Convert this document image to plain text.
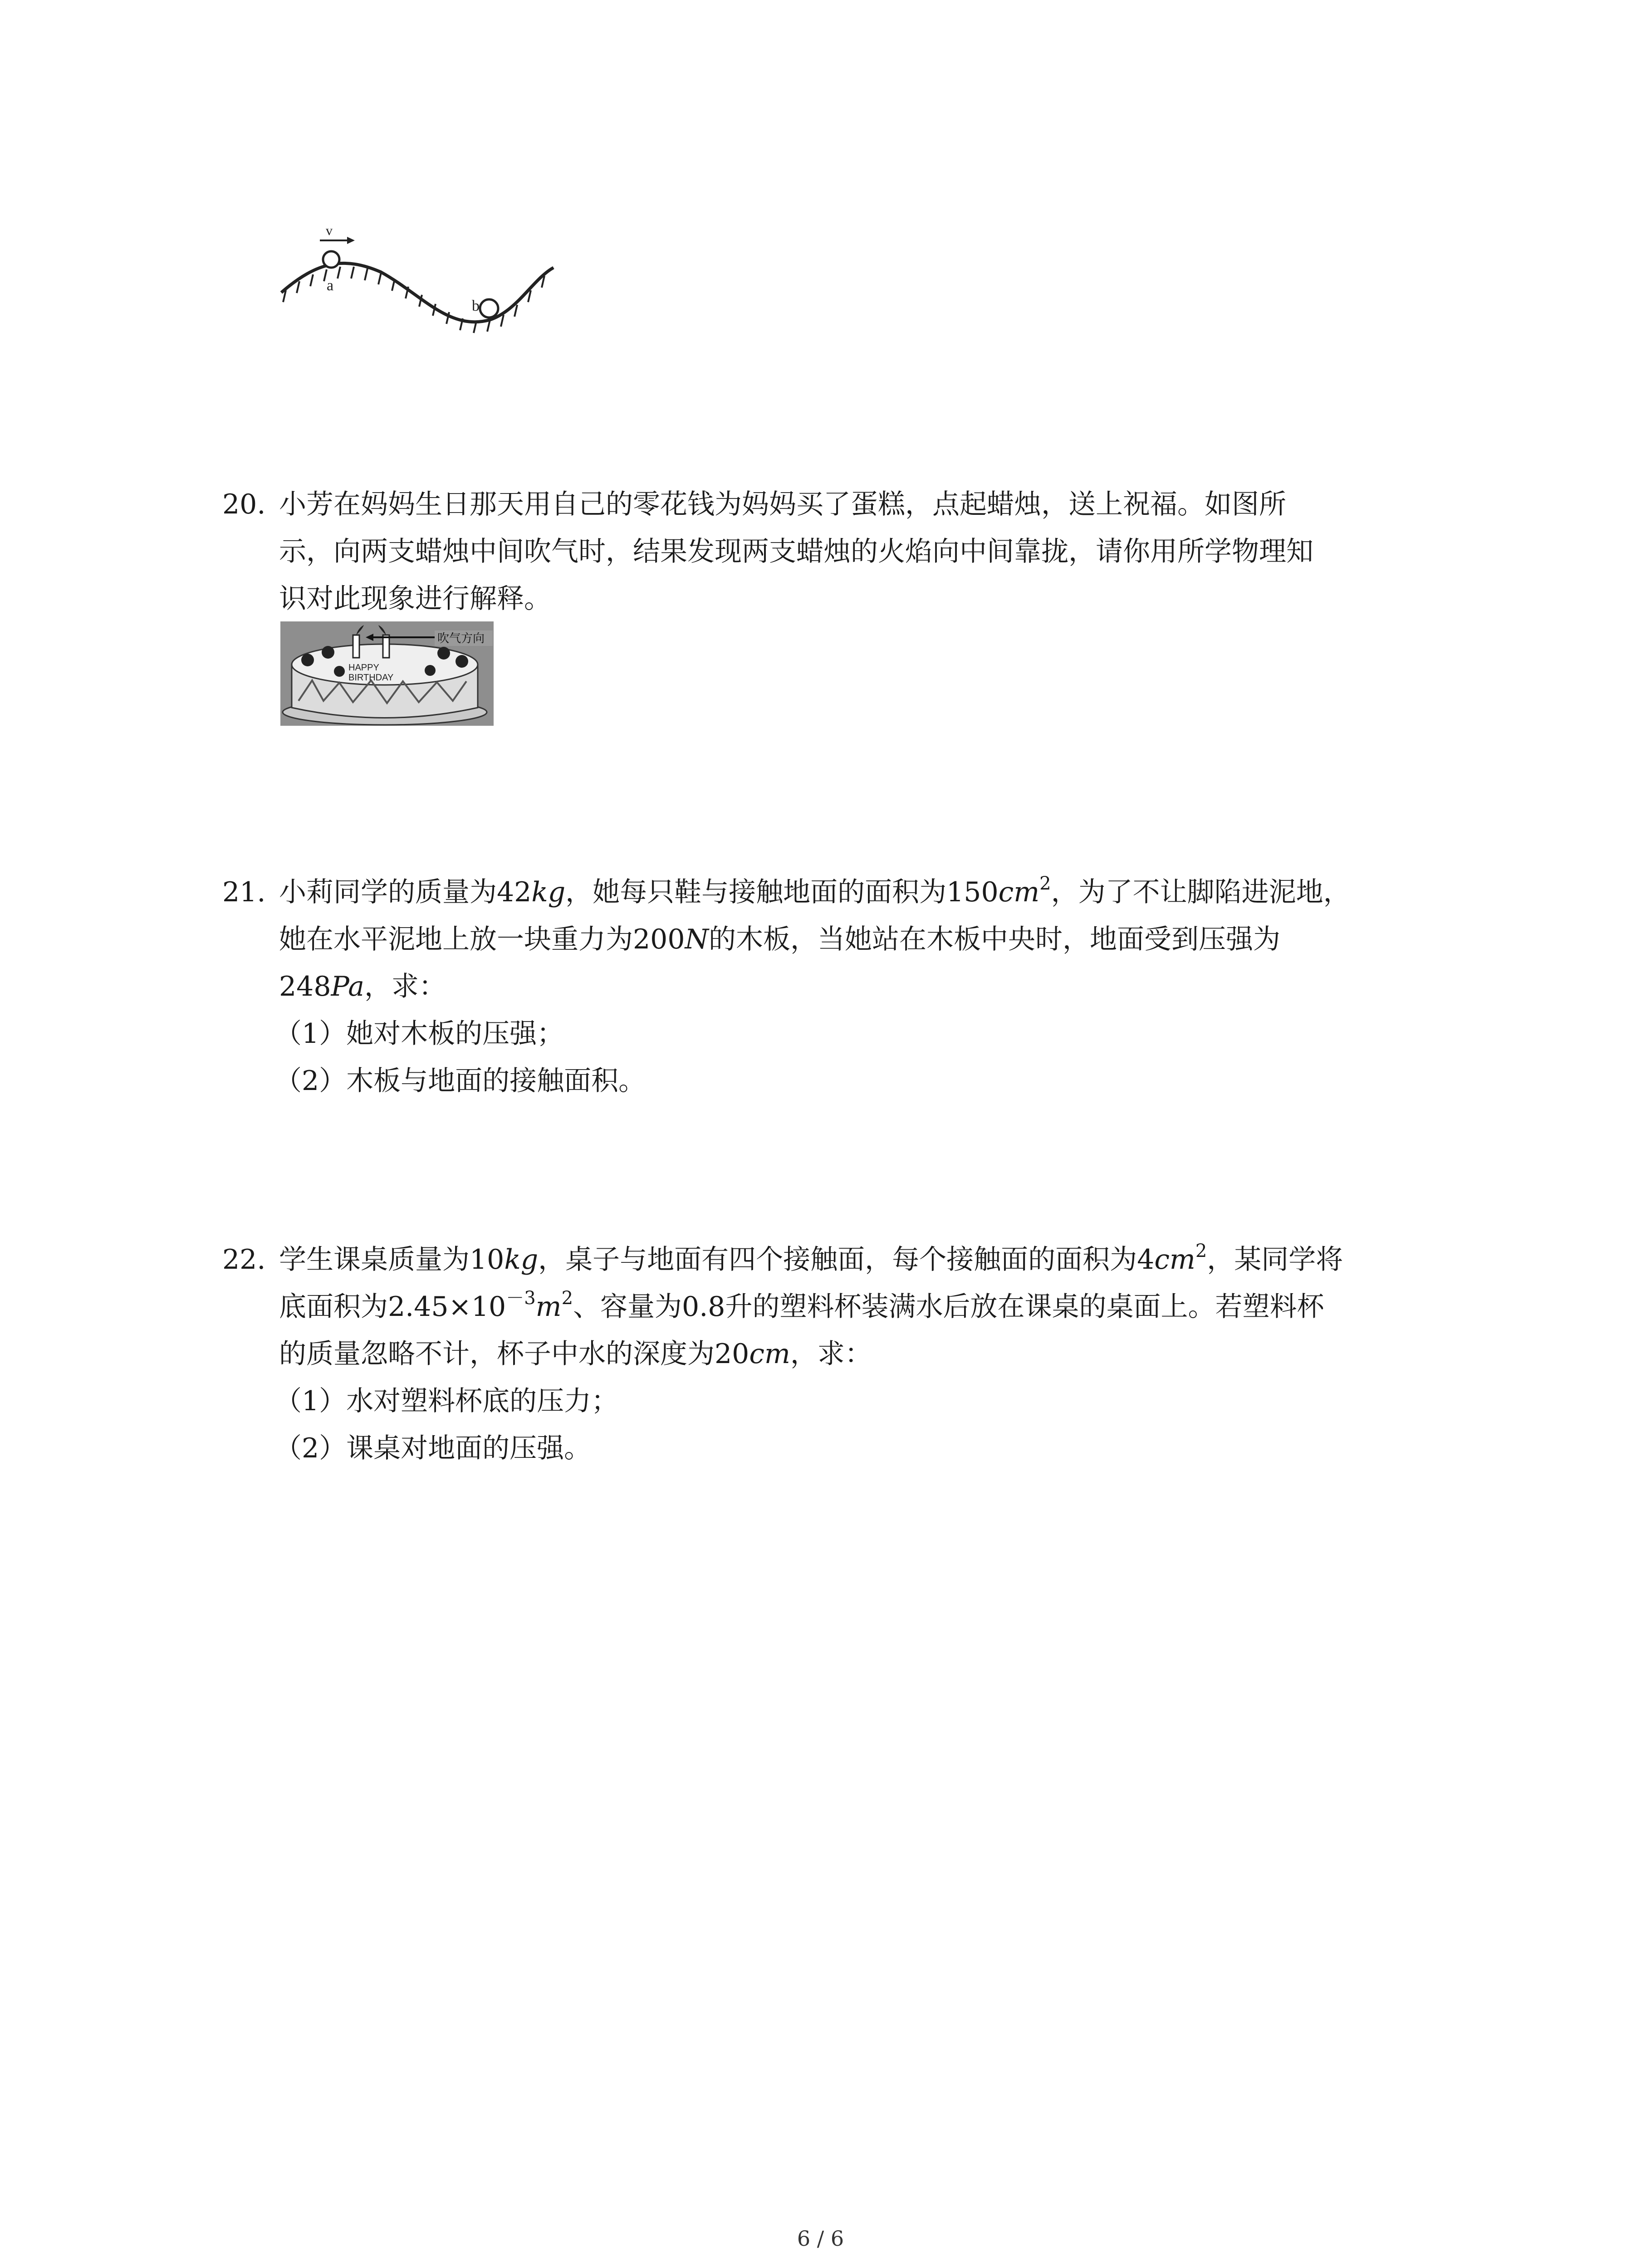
v
a
b
20. 小芳在妈妈生日那天用自己的零花钱为妈妈买了蛋糕，点起蜡烛，送上祝福。如图所
示，向两支蜡烛中间吹气时，结果发现两支蜡烛的火焰向中间靠拢，请你用所学物理知
识对此现象进行解释。
HAPPY
BIRTHDAY
吹气方向
21. 小莉同学的质量为42kg，她每只鞋与接触地面的面积为$150cm^2$，为了不让脚陷进泥地，
她在水平泥地上放一块重力为200N的木板，当她站在木板中央时，地面受到压强为
248Pa，求：
（1）她对木板的压强；
（2）木板与地面的接触面积。
22. 学生课桌质量为10kg，桌子与地面有四个接触面，每个接触面的面积为$4cm^2$，某同学将
底面积为$2.45\times 10^{-3}m^2$、容量为0.8升的塑料杯装满水后放在课桌的桌面上。若塑料杯
的质量忽略不计，杯子中水的深度为20cm，求：
（1）水对塑料杯底的压力；
（2）课桌对地面的压强。
6 / 6
